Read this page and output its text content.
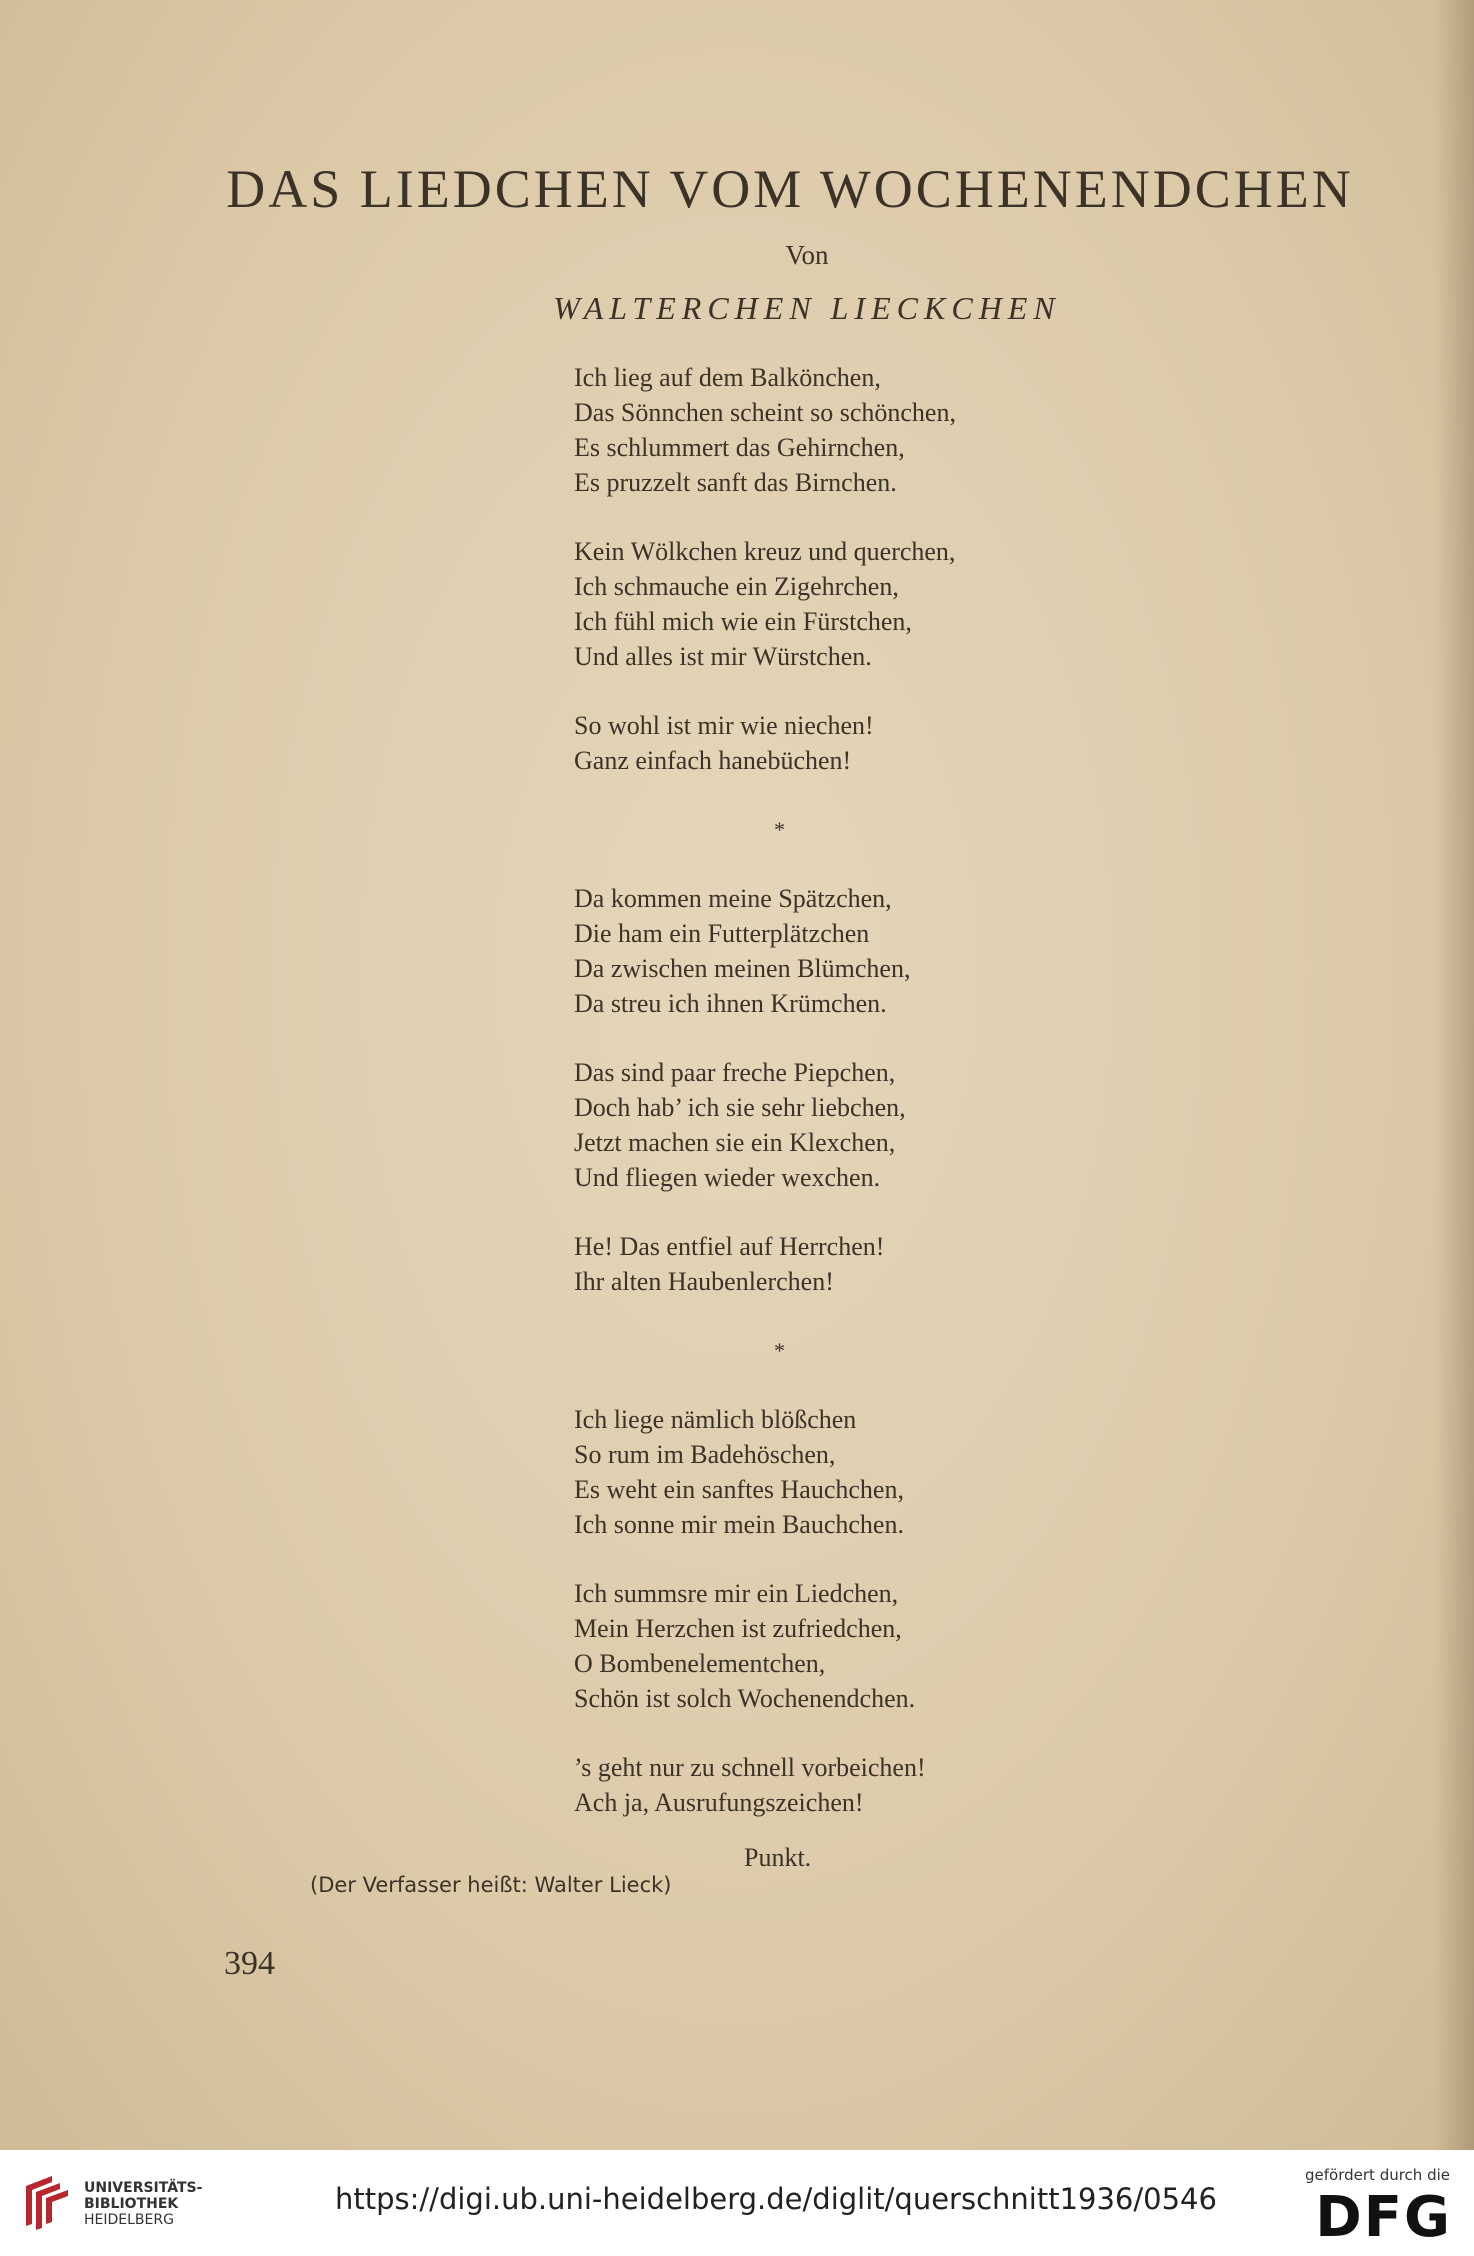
DAS LIEDCHEN VOM WOCHENENDCHEN
Von
WALTERCHEN LIECKCHEN
Ich lieg auf dem Balkönchen,
Das Sönnchen scheint so schönchen,
Es schlummert das Gehirnchen,
Es pruzzelt sanft das Birnchen.
Kein Wölkchen kreuz und querchen,
Ich schmauche ein Zigehrchen,
Ich fühl mich wie ein Fürstchen,
Und alles ist mir Würstchen.
So wohl ist mir wie niechen!
Ganz einfach hanebüchen!
*
Da kommen meine Spätzchen,
Die ham ein Futterplätzchen
Da zwischen meinen Blümchen,
Da streu ich ihnen Krümchen.
Das sind paar freche Piepchen,
Doch hab’ ich sie sehr liebchen,
Jetzt machen sie ein Klexchen,
Und fliegen wieder wexchen.
He! Das entfiel auf Herrchen!
Ihr alten Haubenlerchen!
*
Ich liege nämlich blößchen
So rum im Badehöschen,
Es weht ein sanftes Hauchchen,
Ich sonne mir mein Bauchchen.
Ich summsre mir ein Liedchen,
Mein Herzchen ist zufriedchen,
O Bombenelementchen,
Schön ist solch Wochenendchen.
’s geht nur zu schnell vorbeichen!
Ach ja, Ausrufungszeichen!
Punkt.
(Der Verfasser heißt: Walter Lieck)
394
UNIVERSITÄTS-
BIBLIOTHEK
HEIDELBERG
https://digi.ub.uni-heidelberg.de/diglit/querschnitt1936/0546
gefördert durch die
DFG
